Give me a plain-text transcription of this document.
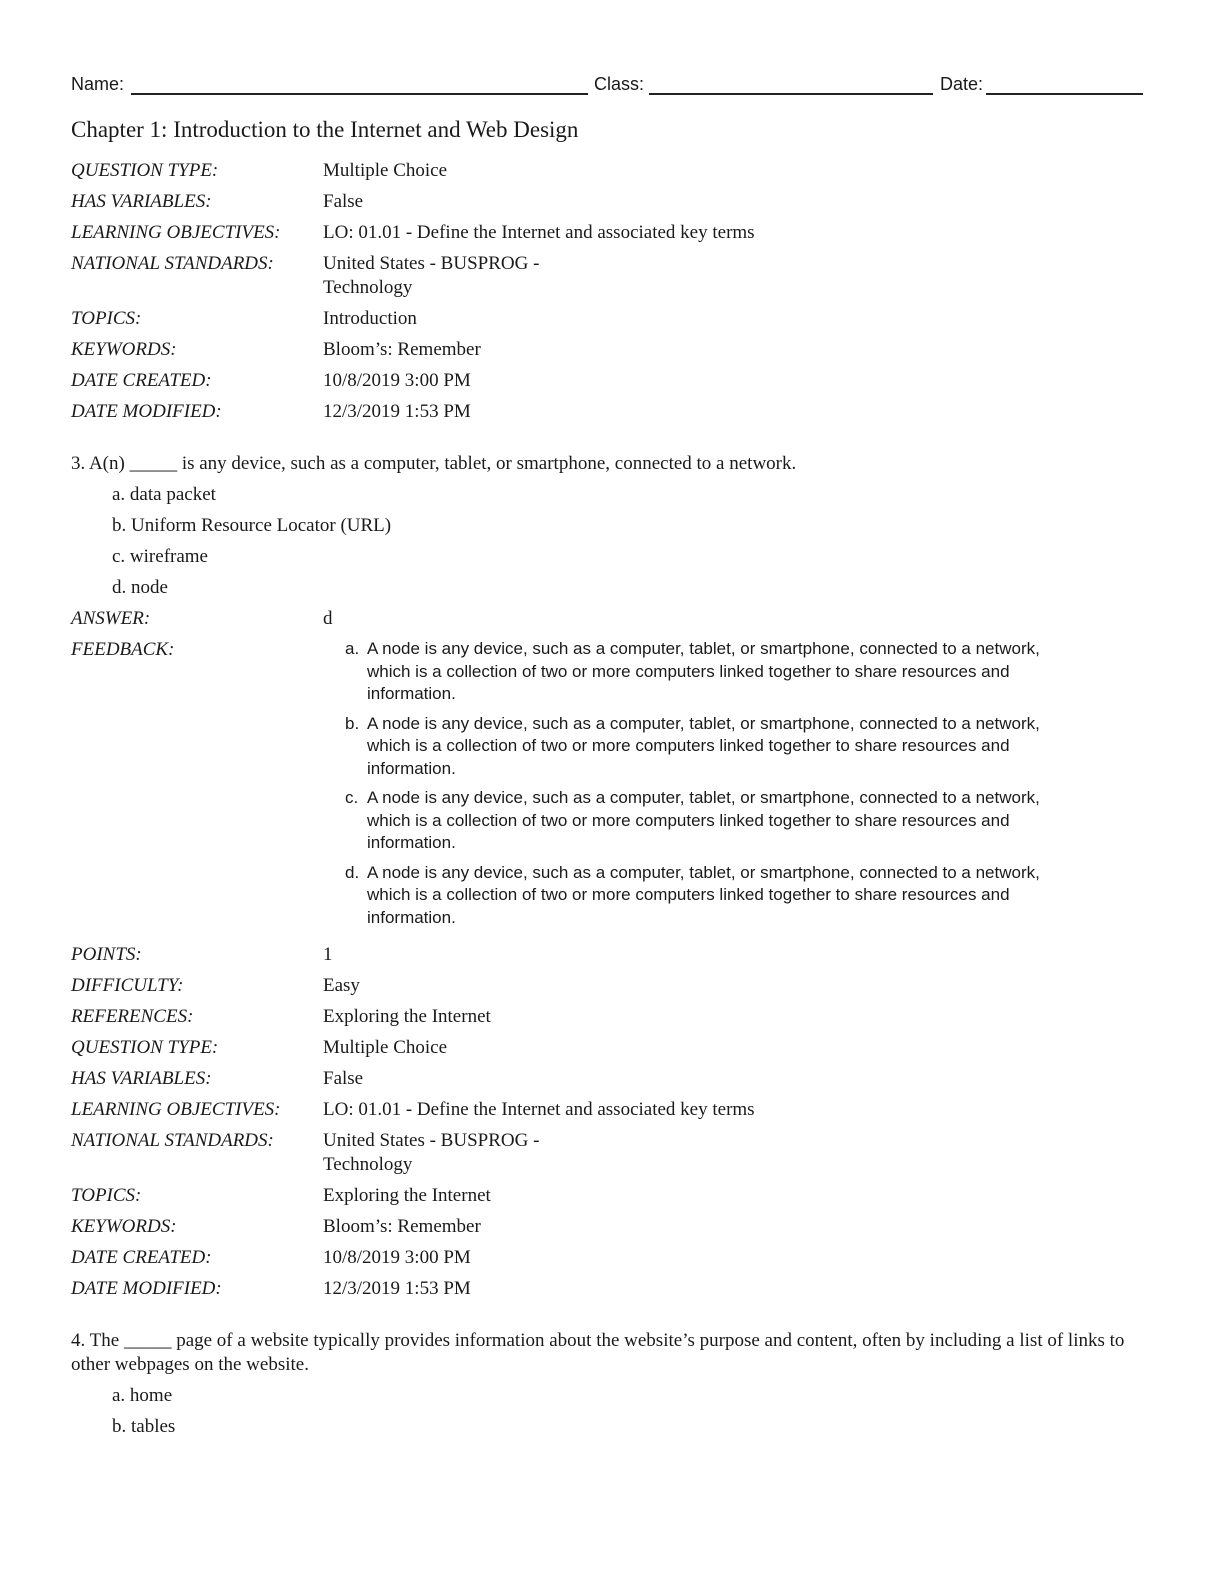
Name:	Class:	Date:
Chapter 1: Introduction to the Internet and Web Design
QUESTION TYPE:	Multiple Choice
HAS VARIABLES:	False
LEARNING OBJECTIVES:	LO: 01.01 - Define the Internet and associated key terms
NATIONAL STANDARDS:	United States - BUSPROG - Technology
TOPICS:	Introduction
KEYWORDS:	Bloom’s: Remember
DATE CREATED:	10/8/2019 3:00 PM
DATE MODIFIED:	12/3/2019 1:53 PM
3. A(n) _____ is any device, such as a computer, tablet, or smartphone, connected to a network.
a. data packet
b. Uniform Resource Locator (URL)
c. wireframe
d. node
ANSWER:	d
FEEDBACK:	a. A node is any device, such as a computer, tablet, or smartphone, connected to a network, which is a collection of two or more computers linked together to share resources and information.
b. A node is any device, such as a computer, tablet, or smartphone, connected to a network, which is a collection of two or more computers linked together to share resources and information.
c. A node is any device, such as a computer, tablet, or smartphone, connected to a network, which is a collection of two or more computers linked together to share resources and information.
d. A node is any device, such as a computer, tablet, or smartphone, connected to a network, which is a collection of two or more computers linked together to share resources and information.
POINTS:	1
DIFFICULTY:	Easy
REFERENCES:	Exploring the Internet
QUESTION TYPE:	Multiple Choice
HAS VARIABLES:	False
LEARNING OBJECTIVES:	LO: 01.01 - Define the Internet and associated key terms
NATIONAL STANDARDS:	United States - BUSPROG - Technology
TOPICS:	Exploring the Internet
KEYWORDS:	Bloom’s: Remember
DATE CREATED:	10/8/2019 3:00 PM
DATE MODIFIED:	12/3/2019 1:53 PM
4. The _____ page of a website typically provides information about the website’s purpose and content, often by including a list of links to other webpages on the website.
a. home
b. tables
